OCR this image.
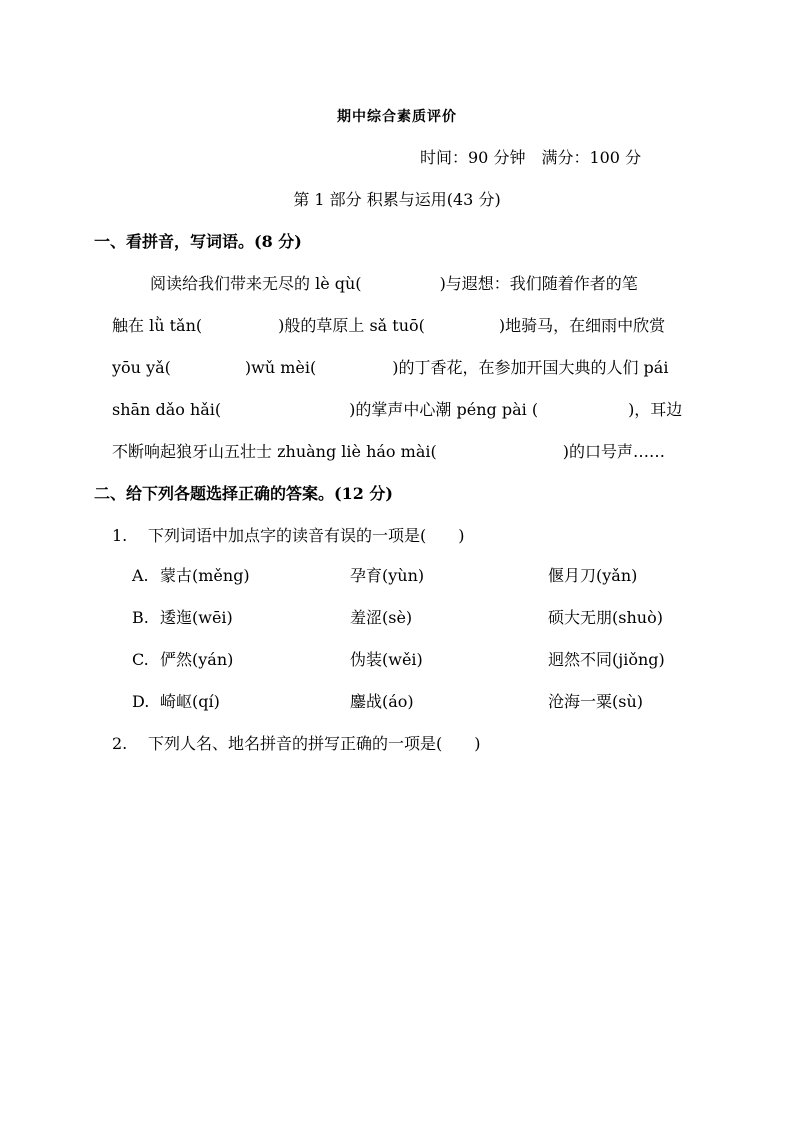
期中综合素质评价
时间：90 分钟　满分：100 分
第 1 部分 积累与运用(43 分)
一、看拼音，写词语。(8 分)
阅读给我们带来无尽的 lè qù(	)与遐想：我们随着作者的笔
触在 lǜ tǎn(	)般的草原上 sǎ tuō(	)地骑马，在细雨中欣赏
yōu yǎ(	)wǔ mèi(	)的丁香花，在参加开国大典的人们 pái
shān dǎo hǎi(	)的掌声中心潮 péng pài (	)，耳边
不断响起狼牙山五壮士 zhuàng liè háo mài(	)的口号声……
二、给下列各题选择正确的答案。(12 分)
1. 下列词语中加点字的读音有误的一项是(　　)
A. 蒙古(měng)	孕育(yùn)	偃月刀(yǎn)
B. 逶迤(wēi)	羞涩(sè)	硕大无朋(shuò)
C. 俨然(yán)	伪装(wěi)	迥然不同(jiǒng)
D. 崎岖(qí)	鏖战(áo)	沧海一粟(sù)
2. 下列人名、地名拼音的拼写正确的一项是(　　)
